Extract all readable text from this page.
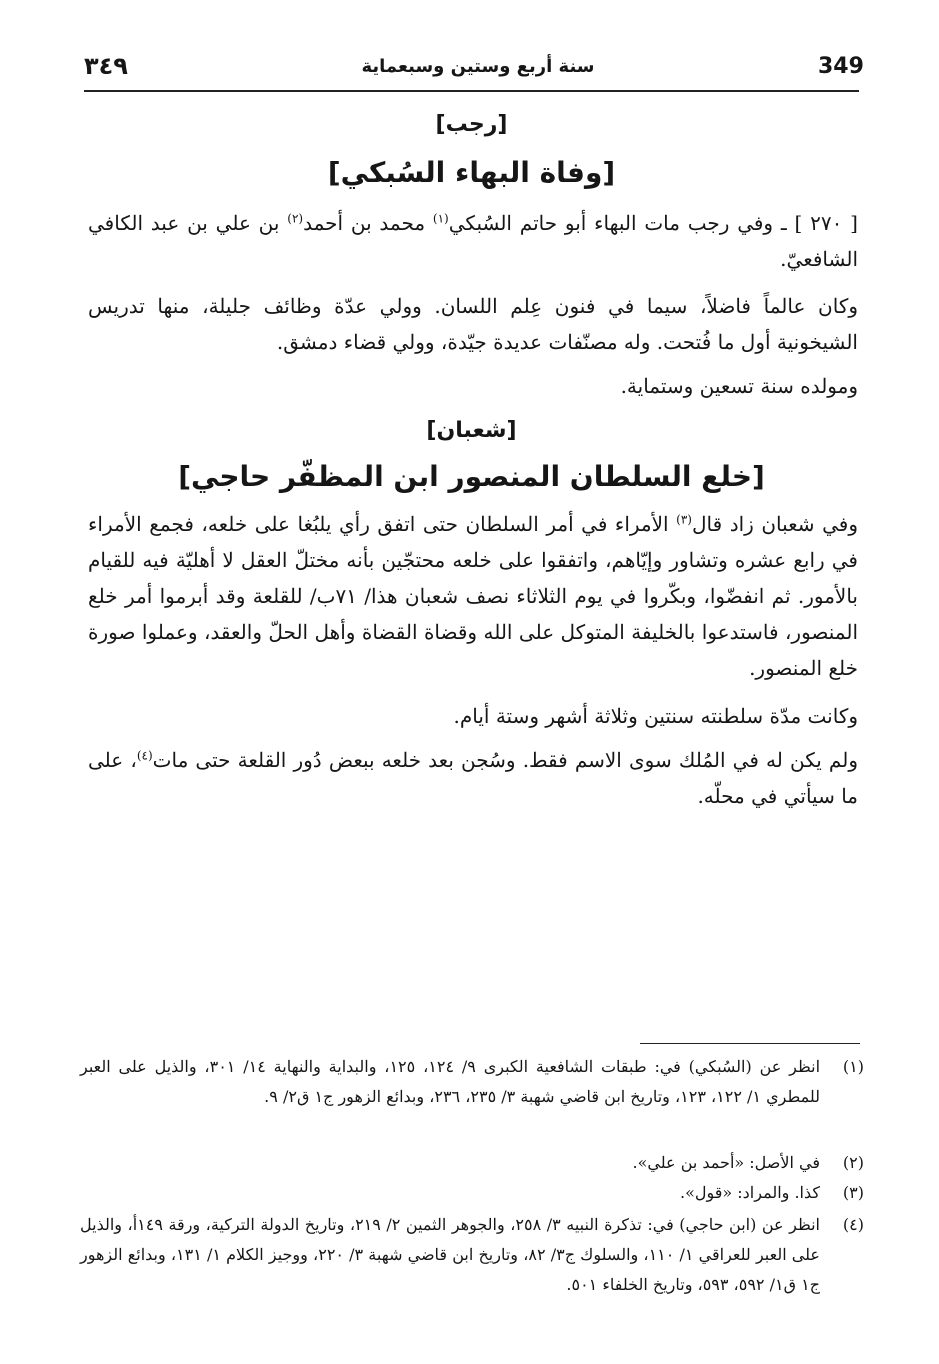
349
سنة أربع وستين وسبعماية
٣٤٩
[رجب]
[وفاة البهاء السُبكي]
[ ٢٧٠ ] ـ وفي رجب مات البهاء أبو حاتم السُبكي$^{(١)}$ محمد بن أحمد$^{(٢)}$ بن علي بن عبد الكافي الشافعيّ.
وكان عالماً فاضلاً، سيما في فنون عِلم اللسان. وولي عدّة وظائف جليلة، منها تدريس الشيخونية أول ما فُتحت. وله مصنّفات عديدة جيّدة، وولي قضاء دمشق.
ومولده سنة تسعين وستماية.
[شعبان]
[خلع السلطان المنصور ابن المظفّر حاجي]
وفي شعبان زاد قال$^{(٣)}$ الأمراء في أمر السلطان حتى اتفق رأي يلبُغا على خلعه، فجمع الأمراء في رابع عشره وتشاور وإيّاهم، واتفقوا على خلعه محتجّين بأنه مختلّ العقل لا أهليّة فيه للقيام بالأمور. ثم انفضّوا، وبكّروا في يوم الثلاثاء نصف شعبان هذا/ ٧١ب/ للقلعة وقد أبرموا أمر خلع المنصور، فاستدعوا بالخليفة المتوكل على الله وقضاة القضاة وأهل الحلّ والعقد، وعملوا صورة خلع المنصور.
وكانت مدّة سلطنته سنتين وثلاثة أشهر وستة أيام.
ولم يكن له في المُلك سوى الاسم فقط. وسُجن بعد خلعه ببعض دُور القلعة حتى مات$^{(٤)}$، على ما سيأتي في محلّه.
(١)
انظر عن (السُبكي) في: طبقات الشافعية الكبرى ٩/ ١٢٤، ١٢٥، والبداية والنهاية ١٤/ ٣٠١، والذيل على العبر للمطري ١/ ١٢٢، ١٢٣، وتاريخ ابن قاضي شهبة ٣/ ٢٣٥، ٢٣٦، وبدائع الزهور ج١ ق٢/ ٩.
(٢)
في الأصل: «أحمد بن علي».
(٣)
كذا. والمراد: «قول».
(٤)
انظر عن (ابن حاجي) في: تذكرة النبيه ٣/ ٢٥٨، والجوهر الثمين ٢/ ٢١٩، وتاريخ الدولة التركية، ورقة ١٤٩أ، والذيل على العبر للعراقي ١/ ١١٠، والسلوك ج٣/ ٨٢، وتاريخ ابن قاضي شهبة ٣/ ٢٢٠، ووجيز الكلام ١/ ١٣١، وبدائع الزهور ج١ ق١/ ٥٩٢، ٥٩٣، وتاريخ الخلفاء ٥٠١.
